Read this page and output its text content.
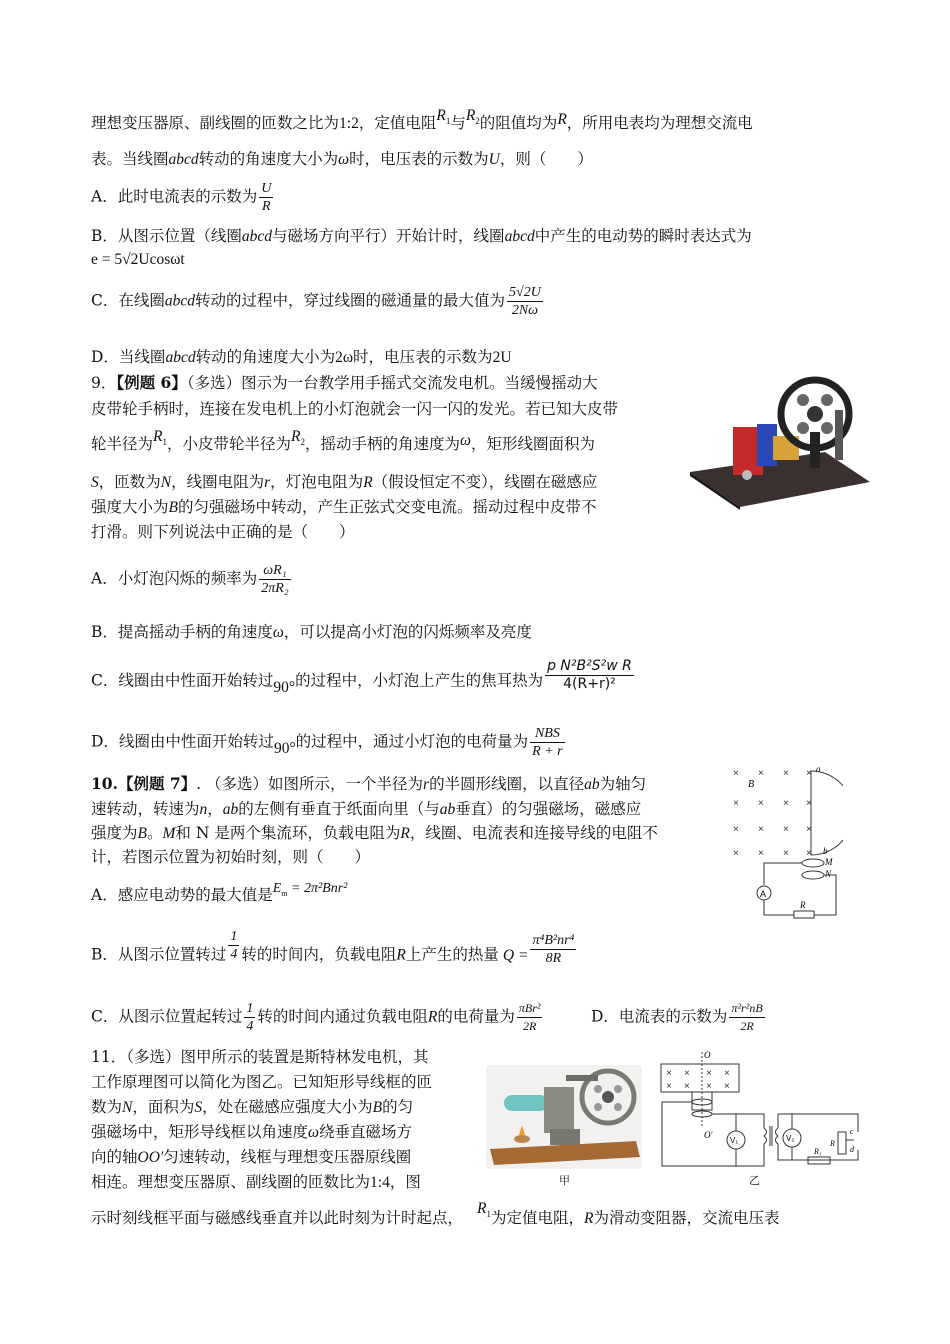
理想变压器原、副线圈的匝数之比为1:2，定值电阻$R_1$与$R_2$的阻值均为R，所用电表均为理想交流电
表。当线圈abcd转动的角速度大小为ω时，电压表的示数为U，则（　　）
A．此时电流表的示数为 $\frac{U}{R}$
B．从图示位置（线圈abcd与磁场方向平行）开始计时，线圈abcd中产生的电动势的瞬时表达式为
e = 5√2Ucosωt
C．在线圈abcd转动的过程中，穿过线圈的磁通量的最大值为 $\frac{5√2U}{2N\omega}$
D．当线圈abcd转动的角速度大小为2ω时，电压表的示数为2U
9．【例题 6】（多选）图示为一台教学用手摇式交流发电机。当缓慢摇动大
皮带轮手柄时，连接在发电机上的小灯泡就会一闪一闪的发光。若已知大皮带
轮半径为$R_1$，小皮带轮半径为$R_2$，摇动手柄的角速度为ω，矩形线圈面积为
S，匝数为N，线圈电阻为r，灯泡电阻为R（假设恒定不变），线圈在磁感应
强度大小为B的匀强磁场中转动，产生正弦式交变电流。摇动过程中皮带不
打滑。则下列说法中正确的是（　　）
A．小灯泡闪烁的频率为 $\frac{\text{ωR₁}}{\text{2πR₂}}$
B．提高摇动手柄的角速度ω，可以提高小灯泡的闪烁频率及亮度
C．线圈由中性面开始转过90°的过程中，小灯泡上产生的焦耳热为 $\frac{\text{p N²B²S²w R}}{\text{4(R+r)²}}$
D．线圈由中性面开始转过90°的过程中，通过小灯泡的电荷量为 $\frac{\text{NBS}}{R + r}$
10.【例题 7】. （多选）如图所示，一个半径为r的半圆形线圈，以直径ab为轴匀
速转动，转速为n，ab的左侧有垂直于纸面向里（与ab垂直）的匀强磁场，磁感应
强度为B。M和 N 是两个集流环，负载电阻为R，线圈、电流表和连接导线的电阻不
计，若图示位置为初始时刻，则（　　）
A．感应电动势的最大值是$E_m = 2\pi^2Bnr^2$
B．从图示位置转过 $\frac{1}{4}$ 转的时间内，负载电阻R上产生的热量 $Q = \frac{\text{π⁴B²nr⁴}}{8R}$
C．从图示位置起转过 $\frac{1}{4}$ 转的时间内通过负载电阻R的电荷量为 $\frac{\text{πBr²}}{2R}$	D．电流表的示数为 $\frac{\text{π²r²nB}}{2R}$
× × × ×
× × × ×
× × × ×
× × × ×
B
a
b
M
N
A
R
11．（多选）图甲所示的装置是斯特林发电机，其
工作原理图可以简化为图乙。已知矩形导线框的匝
数为N，面积为S，处在磁感应强度大小为B的匀
强磁场中，矩形导线框以角速度ω绕垂直磁场方
向的轴OO′匀速转动，线框与理想变压器原线圈
相连。理想变压器原、副线圈的匝数比为1:4，图
示时刻线框平面与磁感线垂直并以此时刻为计时起点，$R_1$为定值电阻，R为滑动变阻器，交流电压表
甲
× × × ×
× × × ×
O
O′
V₁	V₂
R₁
R
c
d
乙
